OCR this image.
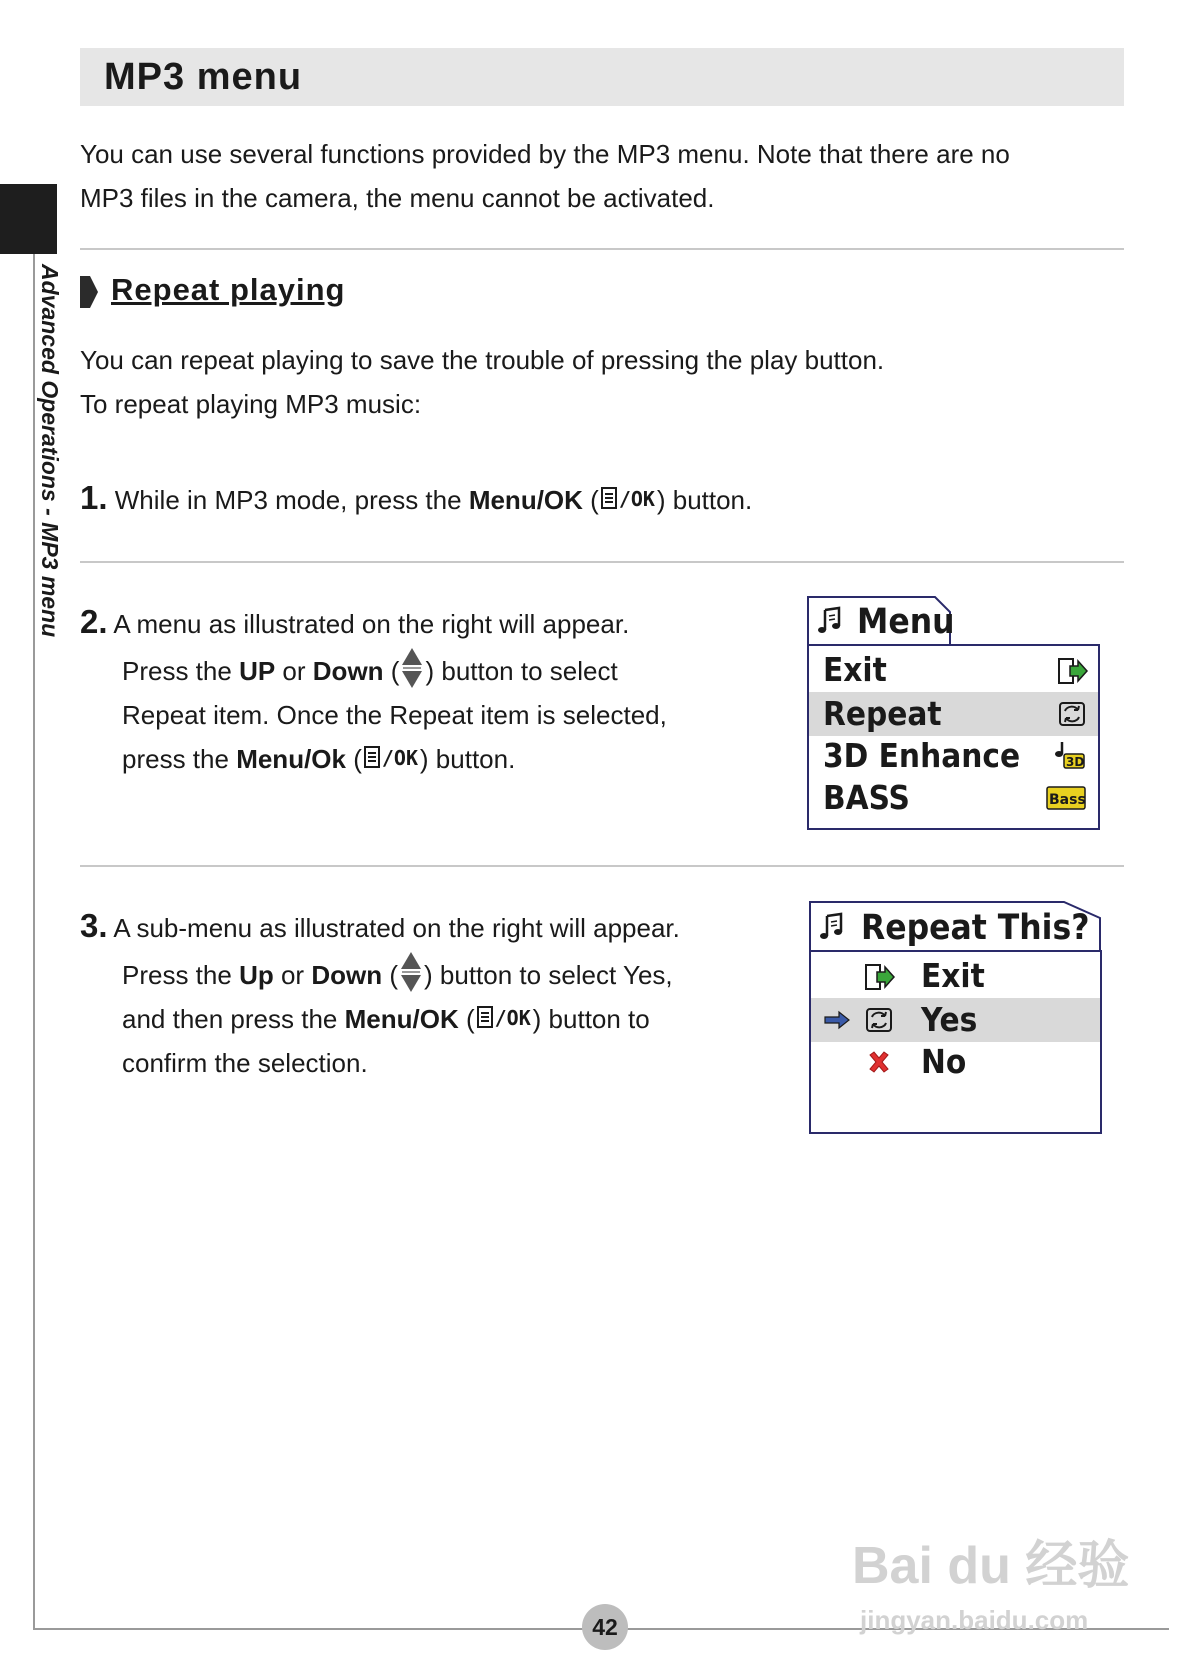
MP3 menu
Advanced Operations - MP3 menu
You can use several functions provided by the MP3 menu. Note that there are no
MP3 files in the camera, the menu cannot be activated.
Repeat playing
You can repeat playing to save the trouble of pressing the play button.
To repeat playing MP3 music:
1. While in MP3 mode, press the Menu/OK ( /OK ) button.
2. A menu as illustrated on the right will appear.
Press the UP or Down ( ) button to select
Repeat item. Once the Repeat item is selected,
press the Menu/Ok ( /OK ) button.
Menu
Exit
Repeat
3D Enhance	3D
BASS	Bass
3. A sub-menu as illustrated on the right will appear.
Press the Up or Down ( ) button to select Yes,
and then press the Menu/OK ( /OK ) button to
confirm the selection.
Repeat This?
Exit
Yes
No
42
Bai du 经验
jingyan.baidu.com
